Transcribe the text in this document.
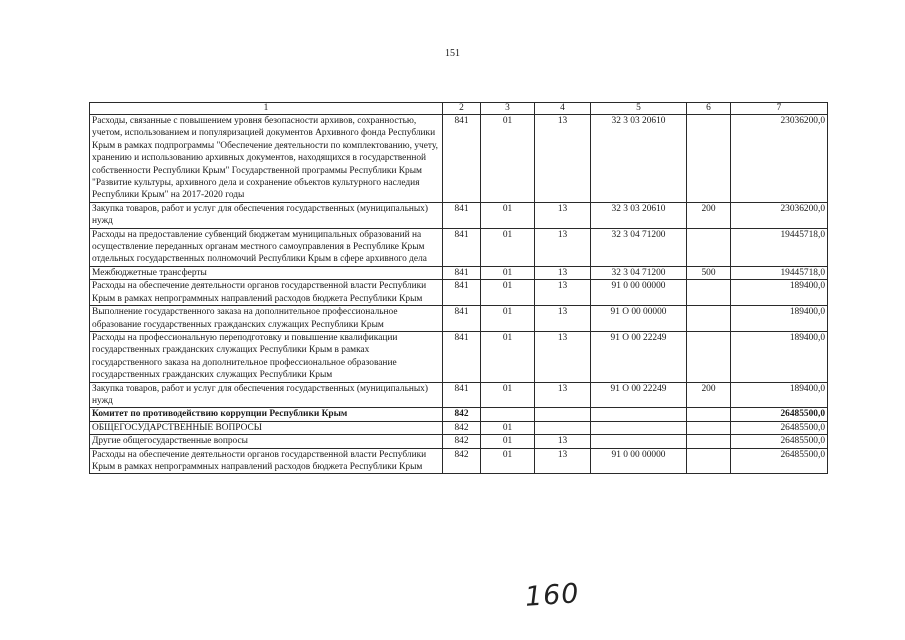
151
1	2	3	4	5	6	7
Расходы, связанные с повышением уровня безопасности архивов, сохранностью, учетом, использованием и популяризацией документов Архивного фонда Республики Крым в рамках подпрограммы "Обеспечение деятельности по комплектованию, учету, хранению и использованию архивных документов, находящихся в государственной собственности Республики Крым" Государственной программы Республики Крым "Развитие культуры, архивного дела и сохранение объектов культурного наследия Республики Крым" на 2017-2020 годы	841	01	13	32 3 03 20610		23036200,0
Закупка товаров, работ и услуг для обеспечения государственных (муниципальных) нужд	841	01	13	32 3 03 20610	200	23036200,0
Расходы на предоставление субвенций бюджетам муниципальных образований на осуществление переданных органам местного самоуправления в Республике Крым отдельных государственных полномочий Республики Крым в сфере архивного дела	841	01	13	32 3 04 71200		19445718,0
Межбюджетные трансферты	841	01	13	32 3 04 71200	500	19445718,0
Расходы на обеспечение деятельности органов государственной власти Республики Крым в рамках непрограммных направлений расходов бюджета Республики Крым	841	01	13	91 0 00 00000		189400,0
Выполнение государственного заказа на дополнительное профессиональное образование государственных гражданских служащих Республики Крым	841	01	13	91 О 00 00000		189400,0
Расходы на профессиональную переподготовку и повышение квалификации государственных гражданских служащих Республики Крым в рамках государственного заказа на дополнительное профессиональное образование государственных гражданских служащих Республики Крым	841	01	13	91 О 00 22249		189400,0
Закупка товаров, работ и услуг для обеспечения государственных (муниципальных) нужд	841	01	13	91 О 00 22249	200	189400,0
Комитет по противодействию коррупции Республики Крым	842					26485500,0
ОБЩЕГОСУДАРСТВЕННЫЕ ВОПРОСЫ	842	01				26485500,0
Другие общегосударственные вопросы	842	01	13			26485500,0
Расходы на обеспечение деятельности органов государственной власти Республики Крым в рамках непрограммных направлений расходов бюджета Республики Крым	842	01	13	91 0 00 00000		26485500,0
160
